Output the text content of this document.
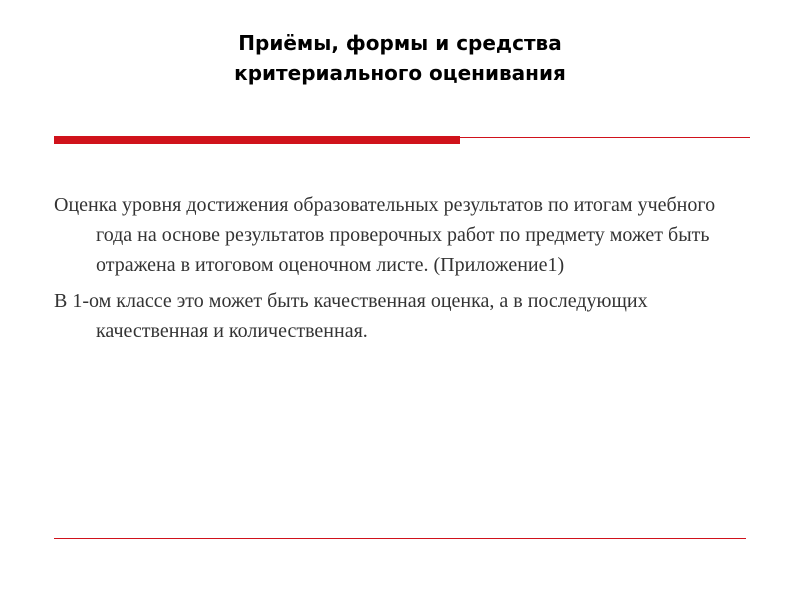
Приёмы, формы и средства
критериального оценивания

Оценка уровня достижения образовательных результатов по итогам учебного года на основе результатов проверочных работ по предмету может быть отражена в итоговом оценочном листе. (Приложение1)

В 1-ом классе это может быть качественная оценка, а в последующих качественная и количественная.
